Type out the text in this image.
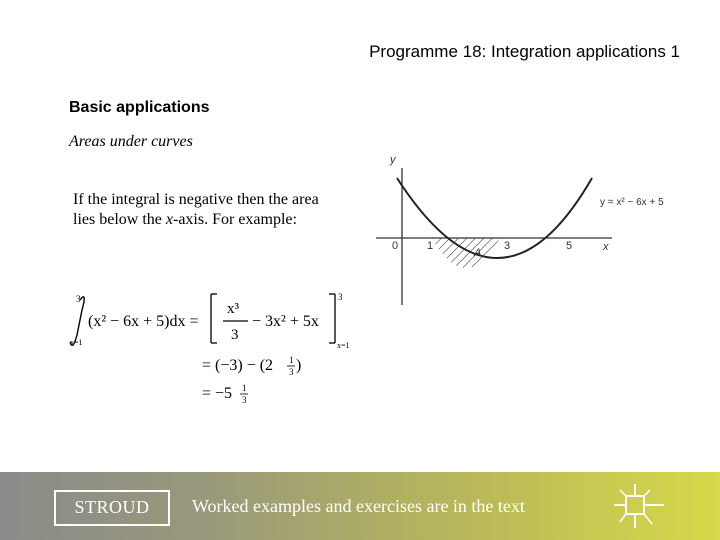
Programme 18: Integration applications 1
Basic applications
Areas under curves
If the integral is negative then the area lies below the x-axis. For example:
3
x=1
(x² − 6x + 5)dx =
x³
3
− 3x² + 5x
3
x=1
= (−3) − (2 1
3 )
= −5 1
3
y
x
0	1	3	5
A
y = x² − 6x + 5
STROUD	Worked examples and exercises are in the text
